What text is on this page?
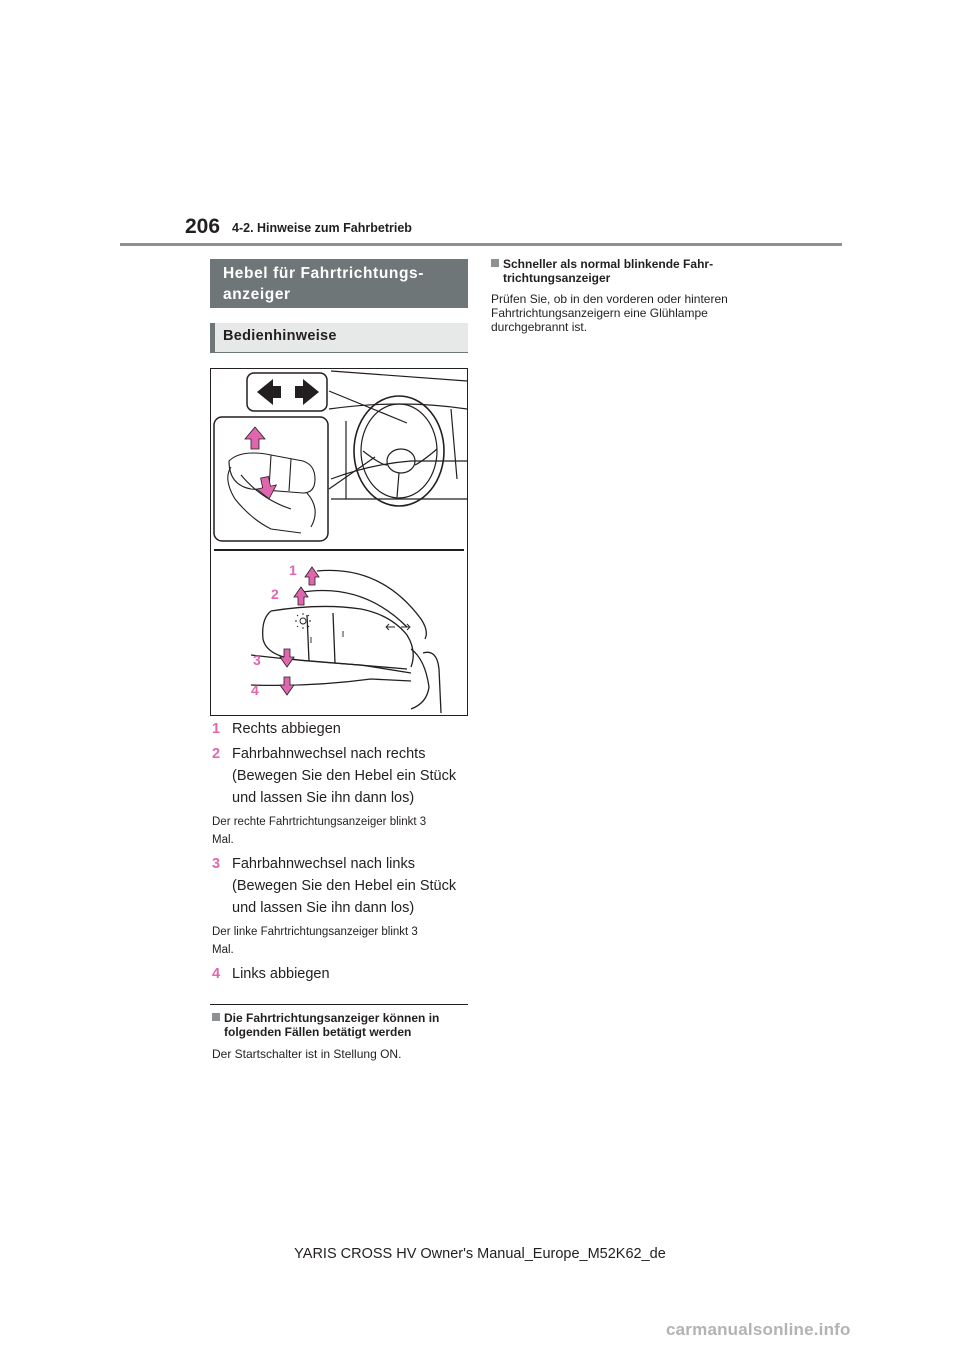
206 4-2. Hinweise zum Fahrbetrieb
Hebel für Fahrtrichtungs-
anzeiger
Bedienhinweise
1
2
3
4
1 Rechts abbiegen
2 Fahrbahnwechsel nach rechts
(Bewegen Sie den Hebel ein Stück
und lassen Sie ihn dann los)
Der rechte Fahrtrichtungsanzeiger blinkt 3
Mal.
3 Fahrbahnwechsel nach links
(Bewegen Sie den Hebel ein Stück
und lassen Sie ihn dann los)
Der linke Fahrtrichtungsanzeiger blinkt 3
Mal.
4 Links abbiegen
Die Fahrtrichtungsanzeiger können in
folgenden Fällen betätigt werden
Der Startschalter ist in Stellung ON.
Schneller als normal blinkende Fahr-
trichtungsanzeiger
Prüfen Sie, ob in den vorderen oder hinteren
Fahrtrichtungsanzeigern eine Glühlampe
durchgebrannt ist.
YARIS CROSS HV Owner's Manual_Europe_M52K62_de
carmanualsonline.info
